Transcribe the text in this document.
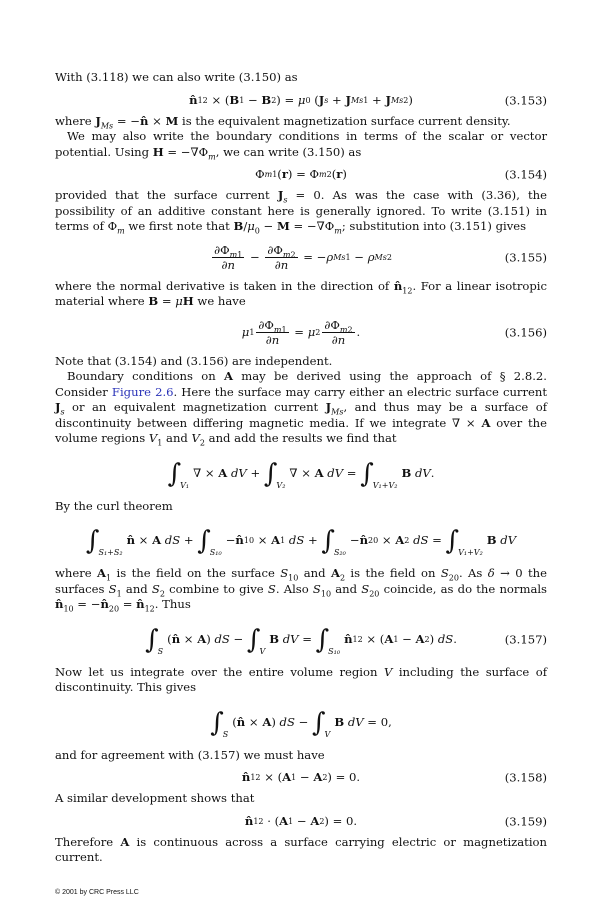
With (3.118) we can also write (3.150) as

n̂ 12 × ( B 1 − B 2 ) = μ 0 ( J s + J Ms1 + J Ms2 )	(3.153)

where $J_{Ms}$ = −n̂ × M is the equivalent magnetization surface current density.

We may also write the boundary conditions in terms of the scalar or vector potential. Using $H = -\nabla\Phi_m$, we can write (3.150) as

Φ m1 ( r ) = Φ m2 ( r )	(3.154)

provided that the surface current $J_s = 0$. As was the case with (3.36), the possibility of an additive constant here is generally ignored. To write (3.151) in terms of $\Phi_m$ we first note that $B/\mu_0 - M = -\nabla\Phi_m$; substitution into (3.151) gives

$\frac{\partial\Phi_{m1}}{\partial n} - \frac{\partial\Phi_{m2}}{\partial n}$ = − ρ Ms1 − ρ Ms2	(3.155)

where the normal derivative is taken in the direction of $n̂_{12}$. For a linear isotropic material where B = μH we have

μ $1 \frac{\partial\Phi_{m1}}{\partial n} = \mu$ $2 \frac{\partial\Phi_{m2}}{\partial n}$ .	(3.156)

Note that (3.154) and (3.156) are independent.

Boundary conditions on A may be derived using the approach of § 2.8.2. Consider Figure 2.6. Here the surface may carry either an electric surface current $J_s$ or an equivalent magnetization current $J_{Ms}$, and thus may be a surface of discontinuity between differing magnetic media. If we integrate ∇ × A over the volume regions $V_1$ and $V_2$ and add the results we find that

∫ V₁
∇ × A
dV + ∫ V₂
∇ × A
dV = ∫ V₁+V₂
B
dV .

By the curl theorem

∫ S₁+S₂
n̂ × A
dS + ∫ S₁₀
− n̂ 10 × A 1
dS + ∫ S₂₀
− n̂ 20 × A 2
dS = ∫ V₁+V₂
B
dV

where $A_1$ is the field on the surface $S_{10}$ and $A_2$ is the field on $S_{20}$. As δ → 0 the surfaces $S_1$ and $S_2$ combine to give S. Also $S_{10}$ and $S_{20}$ coincide, as do the normals $n̂_{10}$ = $-n̂_{20}$ = $n̂_{12}$. Thus

∫ S
( n̂ × A ) dS − ∫ V
B
dV = ∫ S₁₀
n̂ 12 × ( A 1 − A 2 ) dS .	(3.157)

Now let us integrate over the entire volume region V including the surface of discontinuity. This gives

∫ S
( n̂ × A ) dS − ∫ V
B
dV = 0,

and for agreement with (3.157) we must have

n̂ 12 × ( A 1 − A 2 ) = 0.	(3.158)

A similar development shows that

n̂ 12 · ( A 1 − A 2 ) = 0.	(3.159)

Therefore A is continuous across a surface carrying electric or magnetization current.

© 2001 by CRC Press LLC
